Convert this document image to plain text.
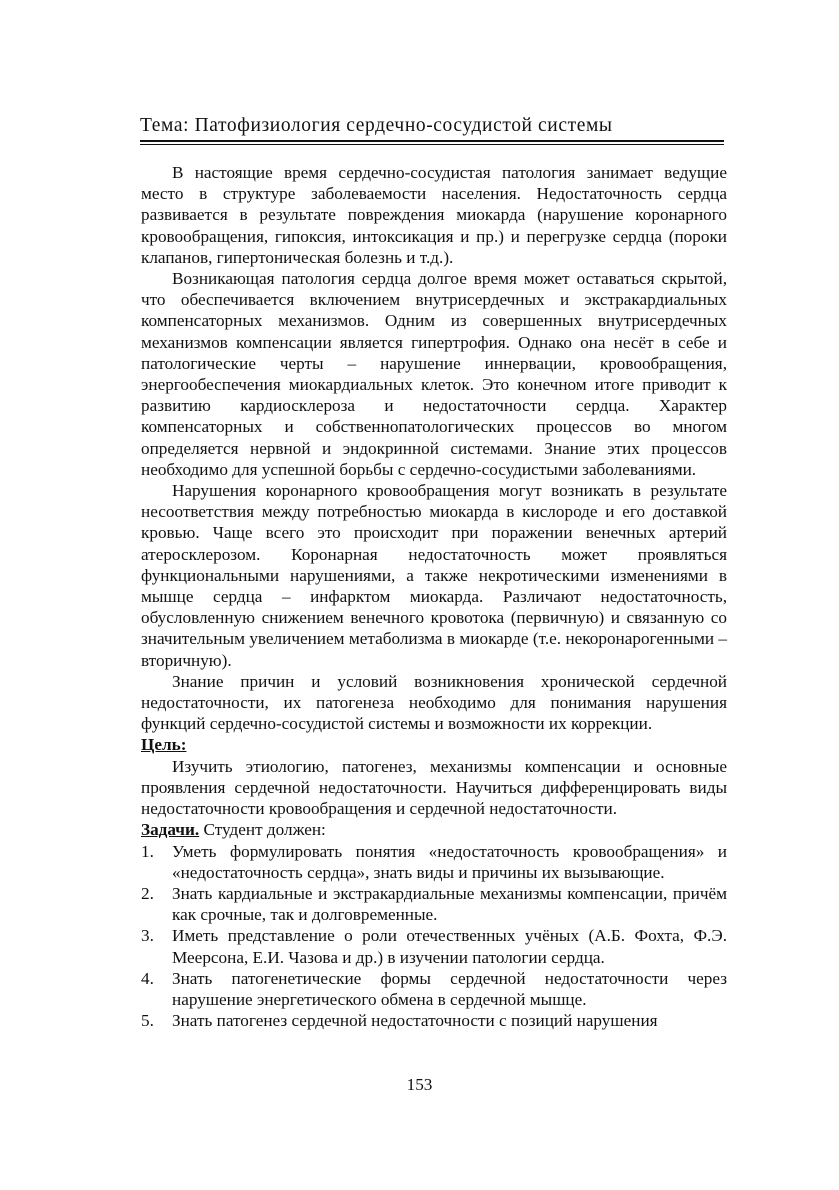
Тема: Патофизиология сердечно-сосудистой системы

В настоящие время сердечно-сосудистая патология занимает ведущие место в структуре заболеваемости населения. Недостаточность сердца развивается в результате повреждения миокарда (нарушение коронарного кровообращения, гипоксия, интоксикация и пр.) и перегрузке сердца (пороки клапанов, гипертоническая болезнь и т.д.).

Возникающая патология сердца долгое время может оставаться скрытой, что обеспечивается включением внутрисердечных и экстракардиальных компенсаторных механизмов. Одним из совершенных внутрисердечных механизмов компенсации является гипертрофия. Однако она несёт в себе и патологические черты – нарушение иннервации, кровообращения, энергообеспечения миокардиальных клеток. Это конечном итоге приводит к развитию кардиосклероза и недостаточности сердца. Характер компенсаторных и собственнопатологических процессов во многом определяется нервной и эндокринной системами. Знание этих процессов необходимо для успешной борьбы с сердечно-сосудистыми заболеваниями.

Нарушения коронарного кровообращения могут возникать в результате несоответствия между потребностью миокарда в кислороде и его доставкой кровью. Чаще всего это происходит при поражении венечных артерий атеросклерозом. Коронарная недостаточность может проявляться функциональными нарушениями, а также некротическими изменениями в мышце сердца – инфарктом миокарда. Различают недостаточность, обусловленную снижением венечного кровотока (первичную) и связанную со значительным увеличением метаболизма в миокарде (т.е. некоронарогенными – вторичную).

Знание причин и условий возникновения хронической сердечной недостаточности, их патогенеза необходимо для понимания нарушения функций сердечно-сосудистой системы и возможности их коррекции.

Цель:

Изучить этиологию, патогенез, механизмы компенсации и основные проявления сердечной недостаточности. Научиться дифференцировать виды недостаточности кровообращения и сердечной недостаточности.

Задачи. Студент должен:
1. Уметь формулировать понятия «недостаточность кровообращения» и «недостаточность сердца», знать виды и причины их вызывающие.
2. Знать кардиальные и экстракардиальные механизмы компенсации, причём как срочные, так и долговременные.
3. Иметь представление о роли отечественных учёных (А.Б. Фохта, Ф.Э. Меерсона, Е.И. Чазова и др.) в изучении патологии сердца.
4. Знать патогенетические формы сердечной недостаточности через нарушение энергетического обмена в сердечной мышце.
5. Знать патогенез сердечной недостаточности с позиций нарушения
153
